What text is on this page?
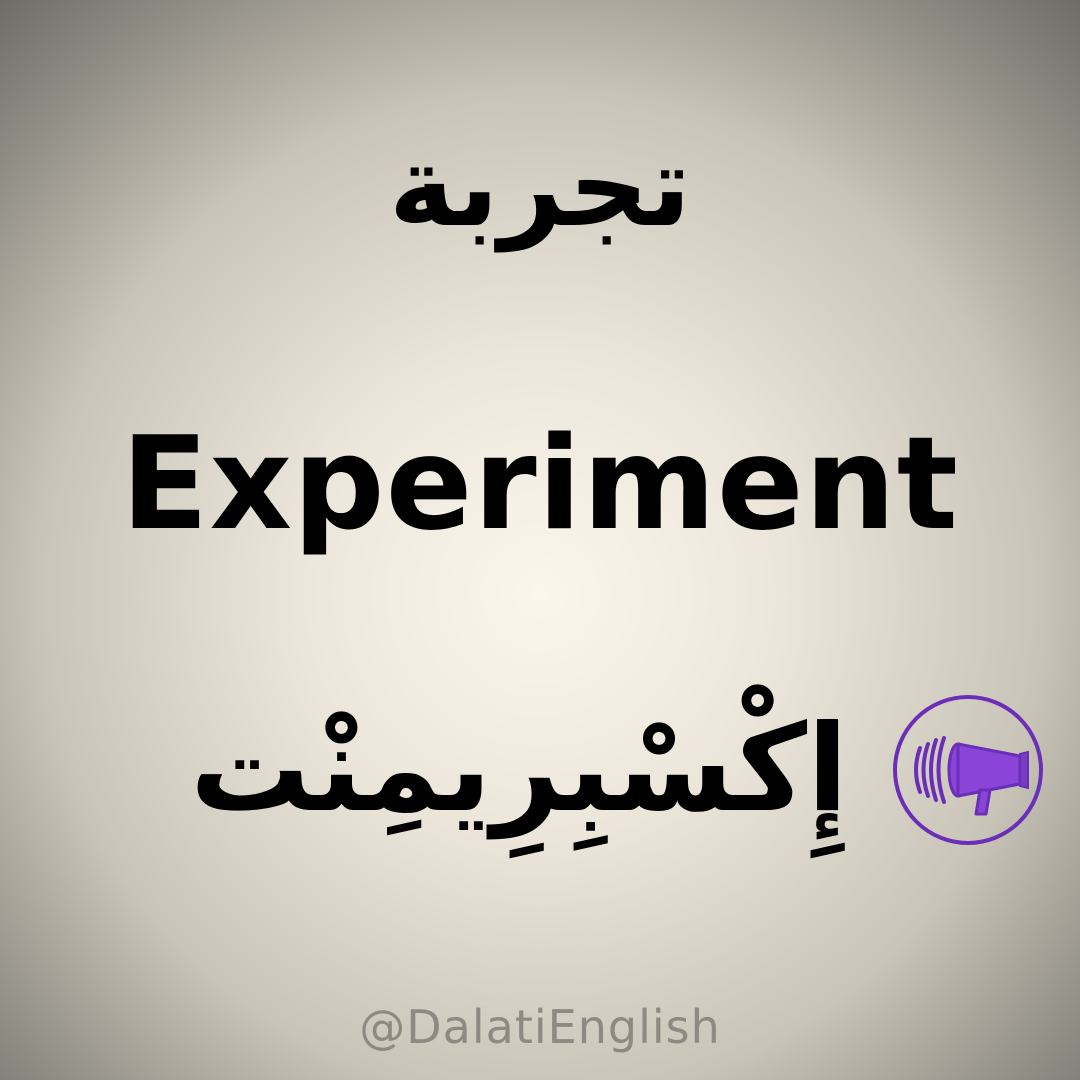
تجربة
Experiment
إِكْسْبِرِيمِنْت
@DalatiEnglish
